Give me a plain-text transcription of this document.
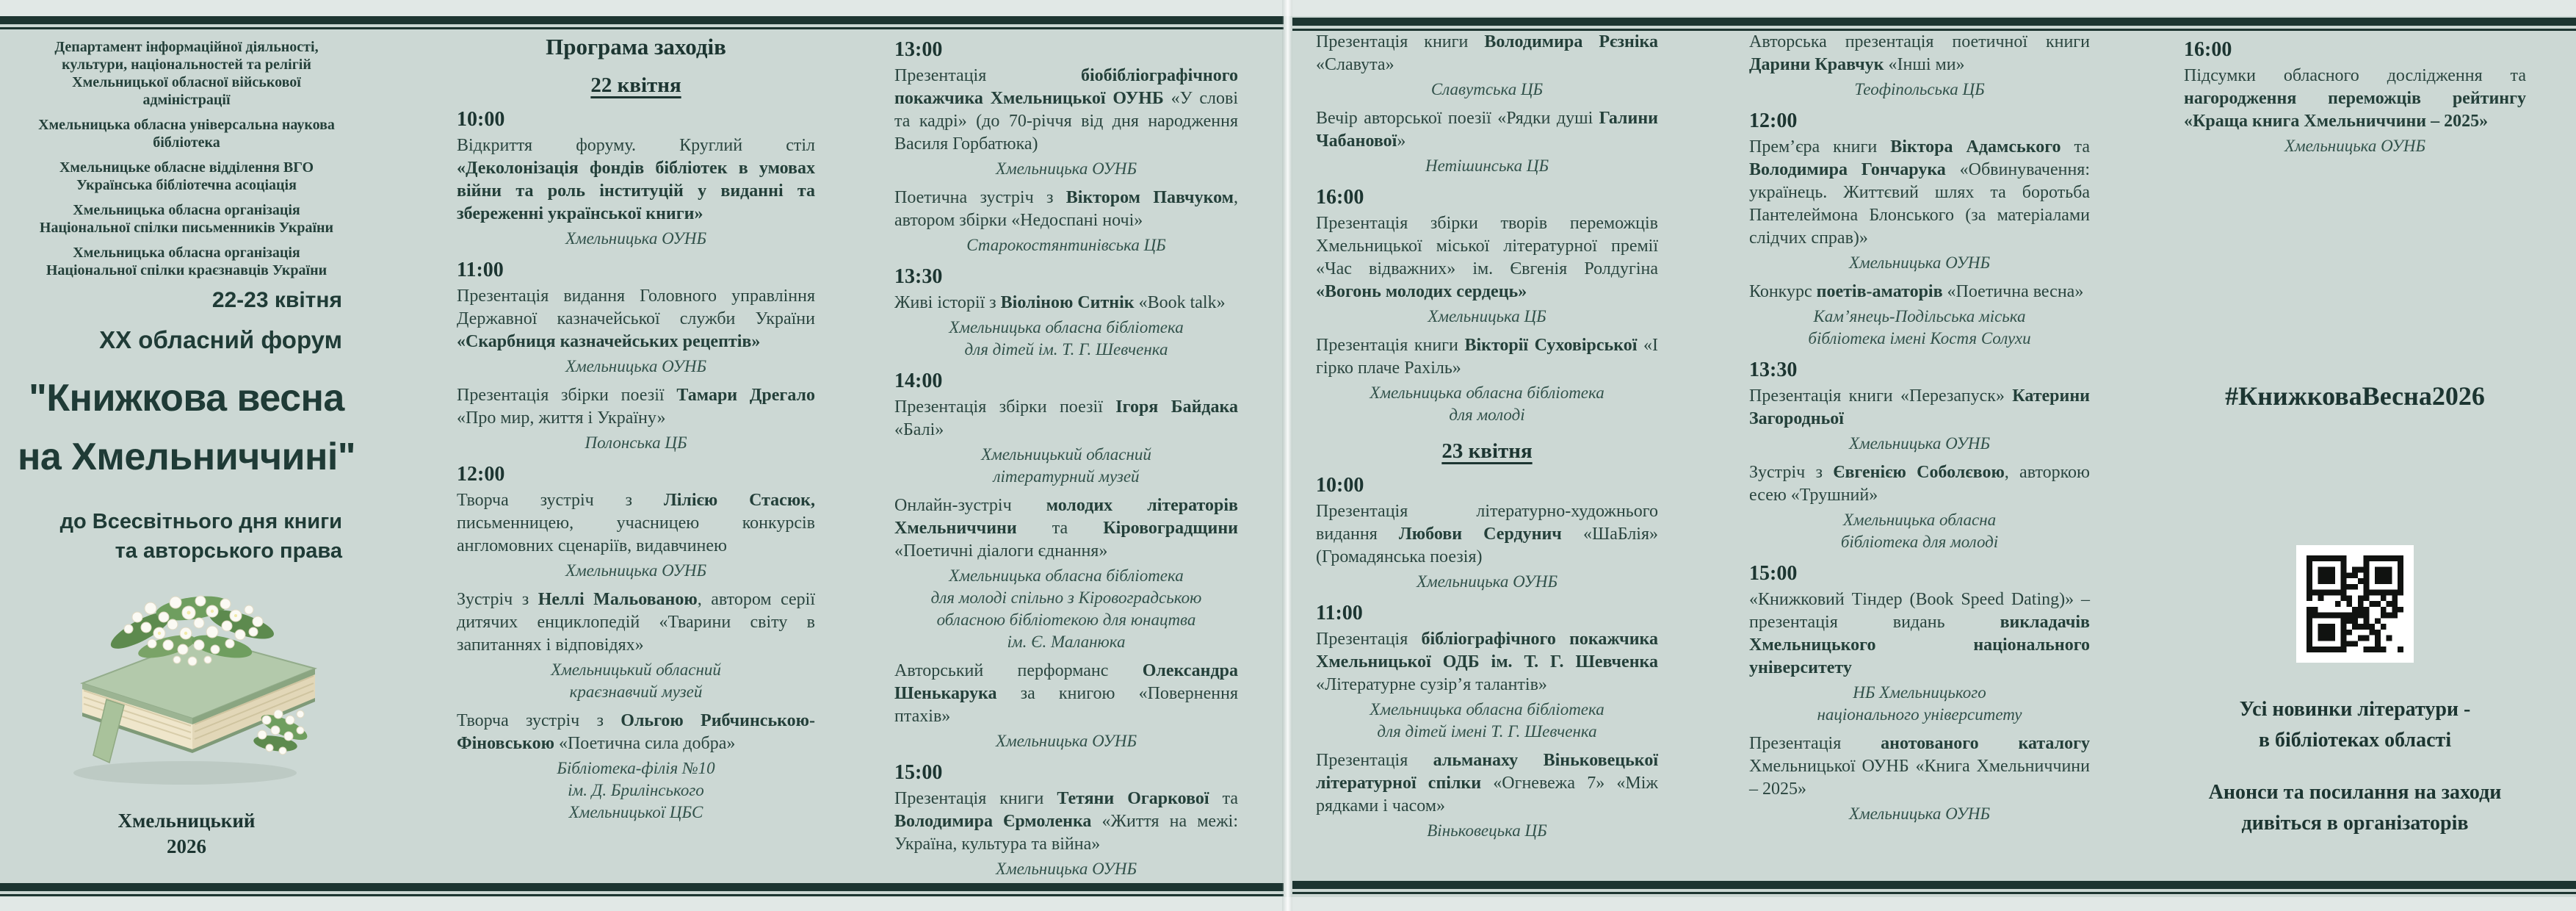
Департамент інформаційної діяльності, культури, національностей та релігій Хмельницької обласної військової адміністрації
Хмельницька обласна універсальна наукова бібліотека
Хмельницьке обласне відділення ВГО Українська бібліотечна асоціація
Хмельницька обласна організація Національної спілки письменників України
Хмельницька обласна організація Національної спілки краєзнавців України
22-23 квітня
XX обласний форум
"Книжкова весна
на Хмельниччині"
до Всесвітнього дня книги
та авторського права
Хмельницький
2026
Програма заходів
22 квітня
10:00
Відкриття форуму. Круглий стіл «Деколонізація фондів бібліотек в умовах війни та роль інституцій у виданні та збереженні української книги»
Хмельницька ОУНБ
11:00
Презентація видання Головного управління Державної казначейської служби України «Скарбниця казначейських рецептів»
Хмельницька ОУНБ
Презентація збірки поезії Тамари Дрегало «Про мир, життя і Україну»
Полонська ЦБ
12:00
Творча зустріч з Лілією Стасюк, письменницею, учасницею конкурсів англомовних сценаріїв, видавчинею
Хмельницька ОУНБ
Зустріч з Неллі Мальованою, автором серії дитячих енциклопедій «Тварини світу в запитаннях і відповідях»
Хмельницький обласний
краєзнавчий музей
Творча зустріч з Ольгою Рибчинською-Фіновською «Поетична сила добра»
Бібліотека-філія №10
ім. Д. Брилінського
Хмельницької ЦБС
13:00
Презентація біобібліографічного покажчика Хмельницької ОУНБ «У слові та кадрі» (до 70-річчя від дня народження Василя Горбатюка)
Хмельницька ОУНБ
Поетична зустріч з Віктором Павчуком, автором збірки «Недоспані ночі»
Старокостянтинівська ЦБ
13:30
Живі історії з Віоліною Ситнік «Book talk»
Хмельницька обласна бібліотека
для дітей ім. Т. Г. Шевченка
14:00
Презентація збірки поезії Ігоря Байдака «Балі»
Хмельницький обласний
літературний музей
Онлайн-зустріч молодих літераторів Хмельниччини та Кіровоградщини «Поетичні діалоги єднання»
Хмельницька обласна бібліотека
для молоді спільно з Кіровоградською
обласною бібліотекою для юнацтва
ім. Є. Маланюка
Авторський перформанс Олександра Шенькарука за книгою «Повернення птахів»
Хмельницька ОУНБ
15:00
Презентація книги Тетяни Огаркової та Володимира Єрмоленка «Життя на межі: Україна, культура та війна»
Хмельницька ОУНБ
Презентація книги Володимира Рєзніка «Славута»
Славутська ЦБ
Вечір авторської поезії «Рядки душі Галини Чабанової»
Нетішинська ЦБ
16:00
Презентація збірки творів переможців Хмельницької міської літературної премії «Час відважних» ім. Євгенія Ролдугіна «Вогонь молодих сердець»
Хмельницька ЦБ
Презентація книги Вікторії Суховірської «І гірко плаче Рахіль»
Хмельницька обласна бібліотека
для молоді
23 квітня
10:00
Презентація літературно-художнього видання Любови Сердунич «ШаБлія» (Громадянська поезія)
Хмельницька ОУНБ
11:00
Презентація бібліографічного покажчика Хмельницької ОДБ ім. Т. Г. Шевченка «Літературне сузір’я талантів»
Хмельницька обласна бібліотека
для дітей імені Т. Г. Шевченка
Презентація альманаху Віньковецької літературної спілки «Огневежа 7» «Між рядками і часом»
Віньковецька ЦБ
Авторська презентація поетичної книги Дарини Кравчук «Інші ми»
Теофіпольська ЦБ
12:00
Прем’єра книги Віктора Адамського та Володимира Гончарука «Обвинувачення: українець. Життєвий шлях та боротьба Пантелеймона Блонського (за матеріалами слідчих справ)»
Хмельницька ОУНБ
Конкурс поетів-аматорів «Поетична весна»
Кам’янець-Подільська міська
бібліотека імені Костя Солухи
13:30
Презентація книги «Перезапуск» Катерини Загородньої
Хмельницька ОУНБ
Зустріч з Євгенією Соболєвою, авторкою есею «Трушний»
Хмельницька обласна
бібліотека для молоді
15:00
«Книжковий Тіндер (Book Speed Dating)» – презентація видань викладачів Хмельницького національного університету
НБ Хмельницького
національного університету
Презентація анотованого каталогу Хмельницької ОУНБ «Книга Хмельниччини – 2025»
Хмельницька ОУНБ
16:00
Підсумки обласного дослідження та нагородження переможців рейтингу «Краща книга Хмельниччини – 2025»
Хмельницька ОУНБ
#КнижковаВесна2026
Усі новинки літератури -
в бібліотеках області
Анонси та посилання на заходи
дивіться в організаторів
